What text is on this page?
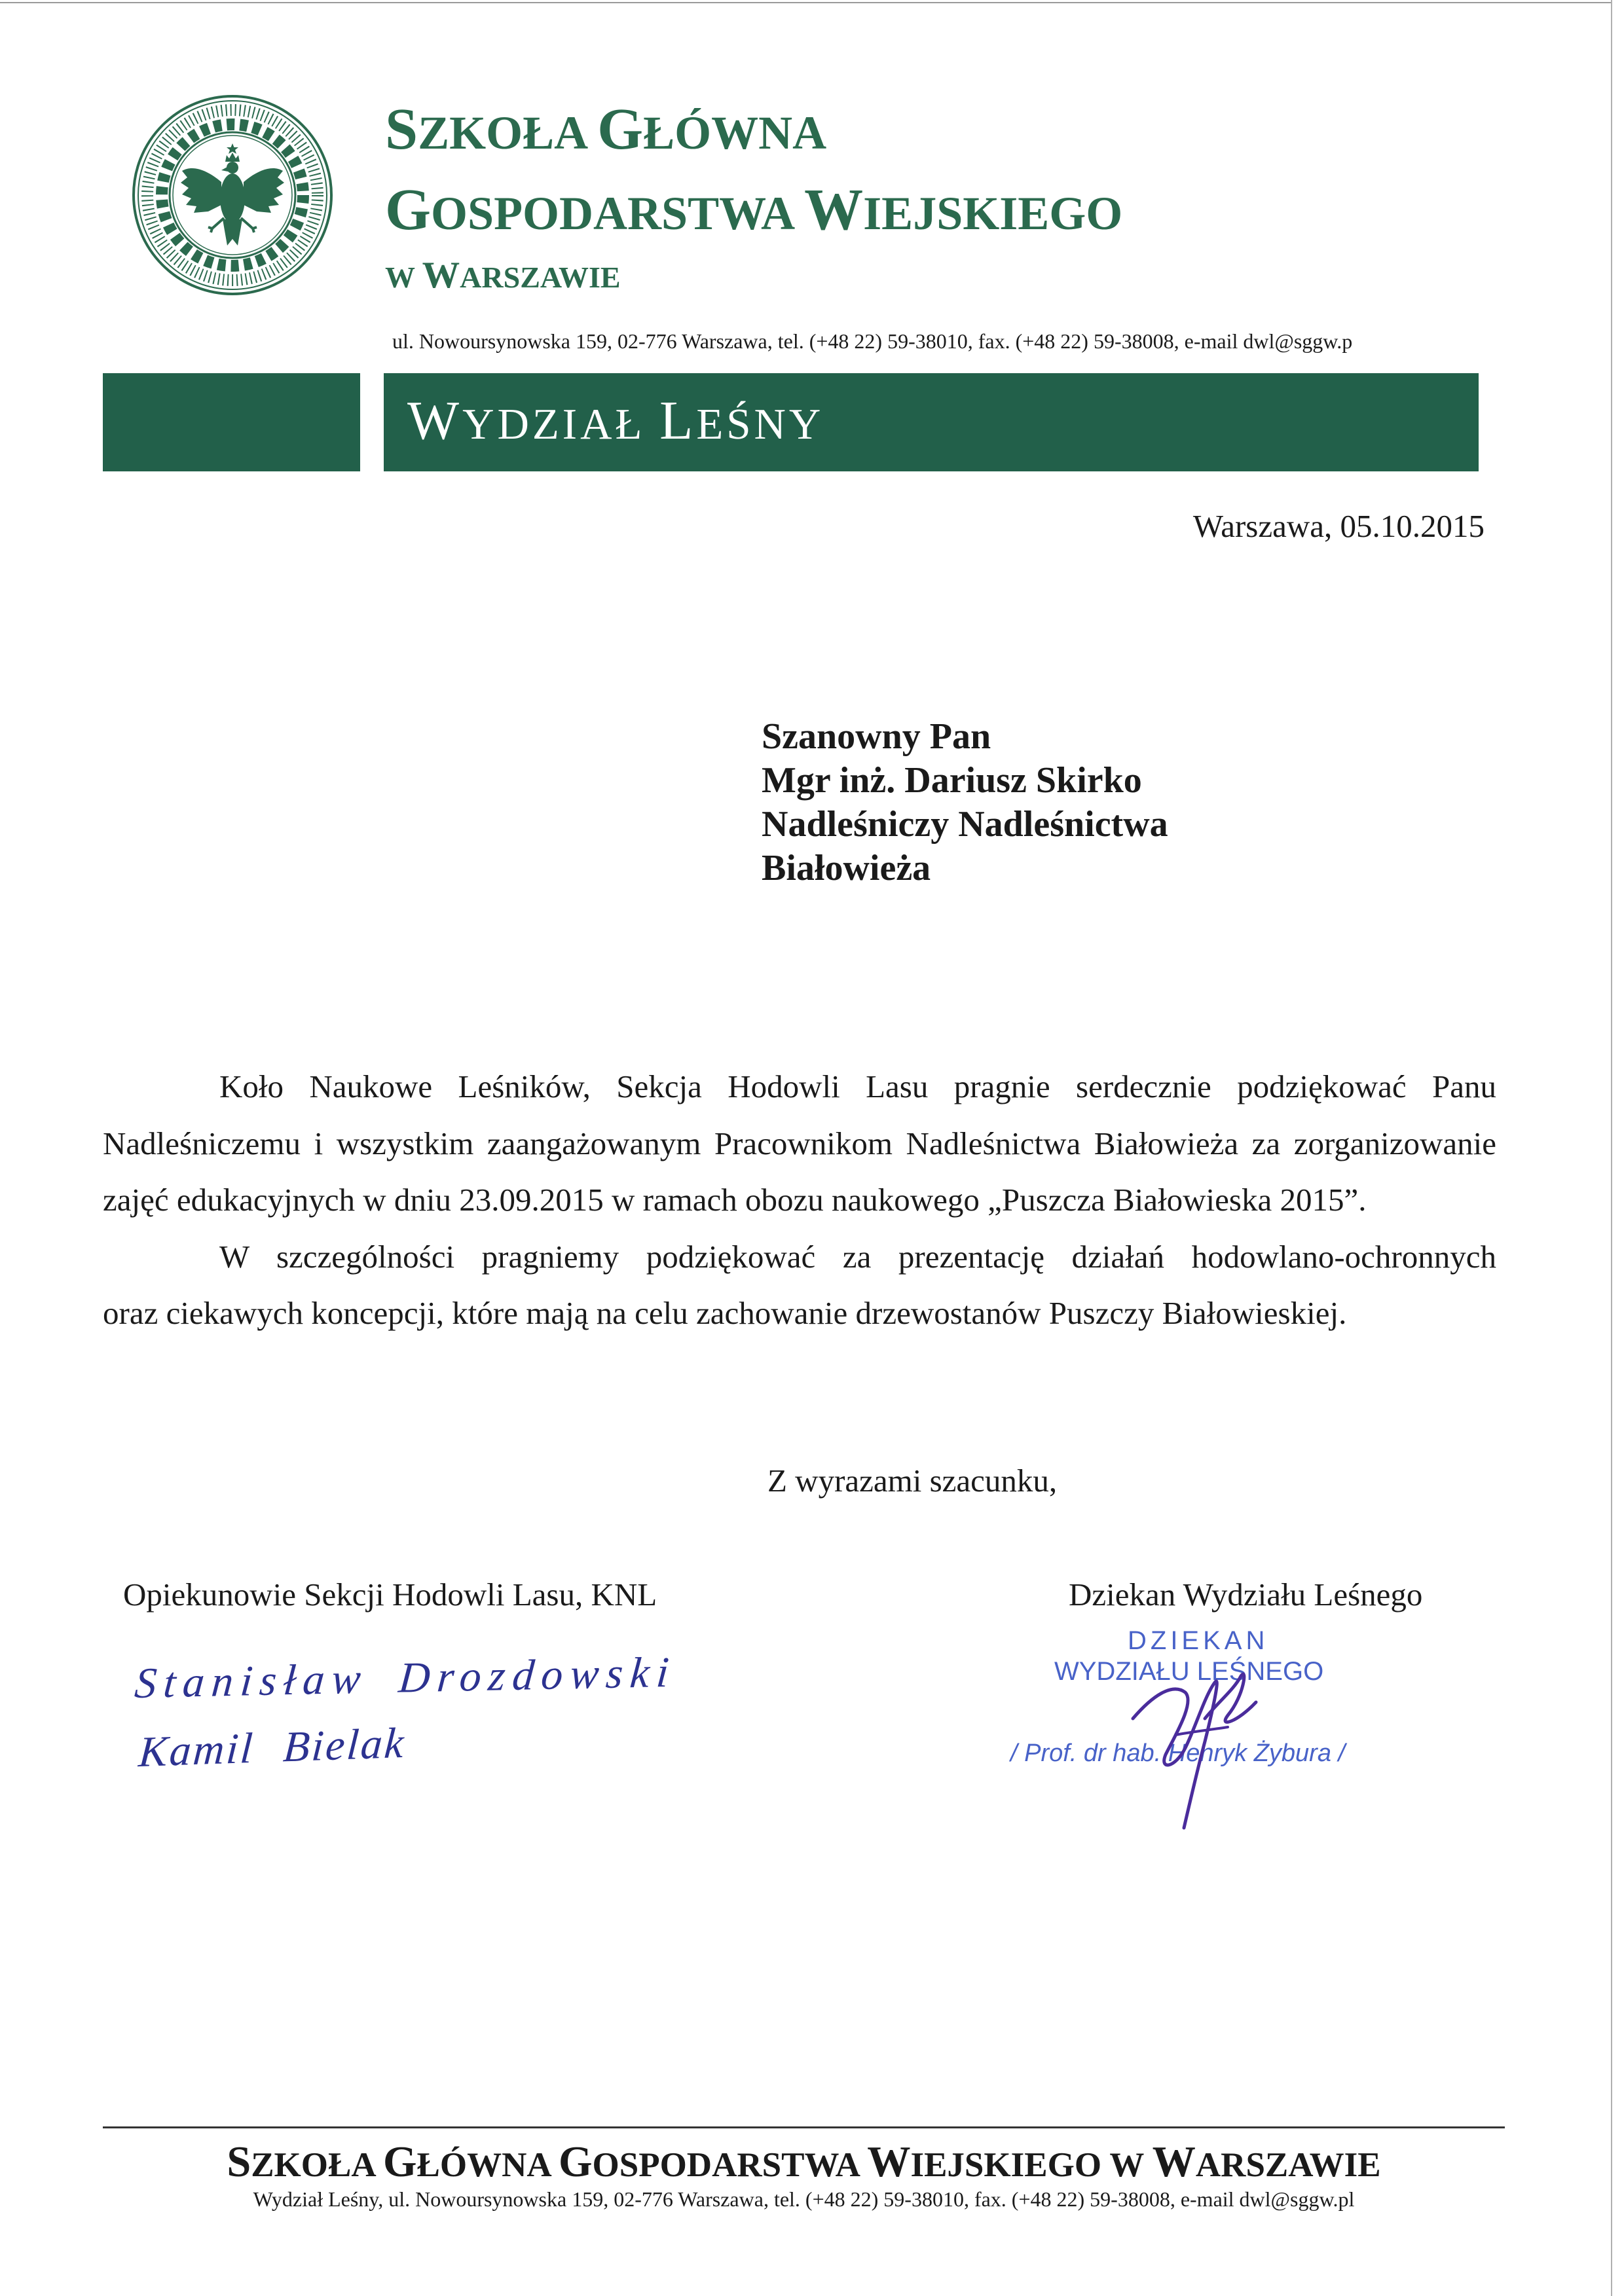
SZKOŁA GŁÓWNA
GOSPODARSTWA WIEJSKIEGO
W WARSZAWIE
ul. Nowoursynowska 159, 02-776 Warszawa, tel. (+48 22) 59-38010, fax. (+48 22) 59-38008, e-mail dwl@sggw.p
WYDZIAŁ LEŚNY
Warszawa, 05.10.2015
Szanowny Pan
Mgr inż. Dariusz Skirko
Nadleśniczy Nadleśnictwa
Białowieża
Koło Naukowe Leśników, Sekcja Hodowli Lasu pragnie serdecznie podziękować Panu
Nadleśniczemu i wszystkim zaangażowanym Pracownikom Nadleśnictwa Białowieża za zorganizowanie
zajęć edukacyjnych w dniu 23.09.2015 w ramach obozu naukowego „Puszcza Białowieska 2015”.
W szczególności pragniemy podziękować za prezentację działań hodowlano-ochronnych
oraz ciekawych koncepcji, które mają na celu zachowanie drzewostanów Puszczy Białowieskiej.
Z wyrazami szacunku,
Opiekunowie Sekcji Hodowli Lasu, KNL
Stanisław Drozdowski
Kamil Bielak
Dziekan Wydziału Leśnego
DZIEKAN
WYDZIAŁU LEŚNEGO
/ Prof. dr hab. Henryk Żybura /
SZKOŁA GŁÓWNA GOSPODARSTWA WIEJSKIEGO W WARSZAWIE
Wydział Leśny, ul. Nowoursynowska 159, 02-776 Warszawa, tel. (+48 22) 59-38010, fax. (+48 22) 59-38008, e-mail dwl@sggw.pl
